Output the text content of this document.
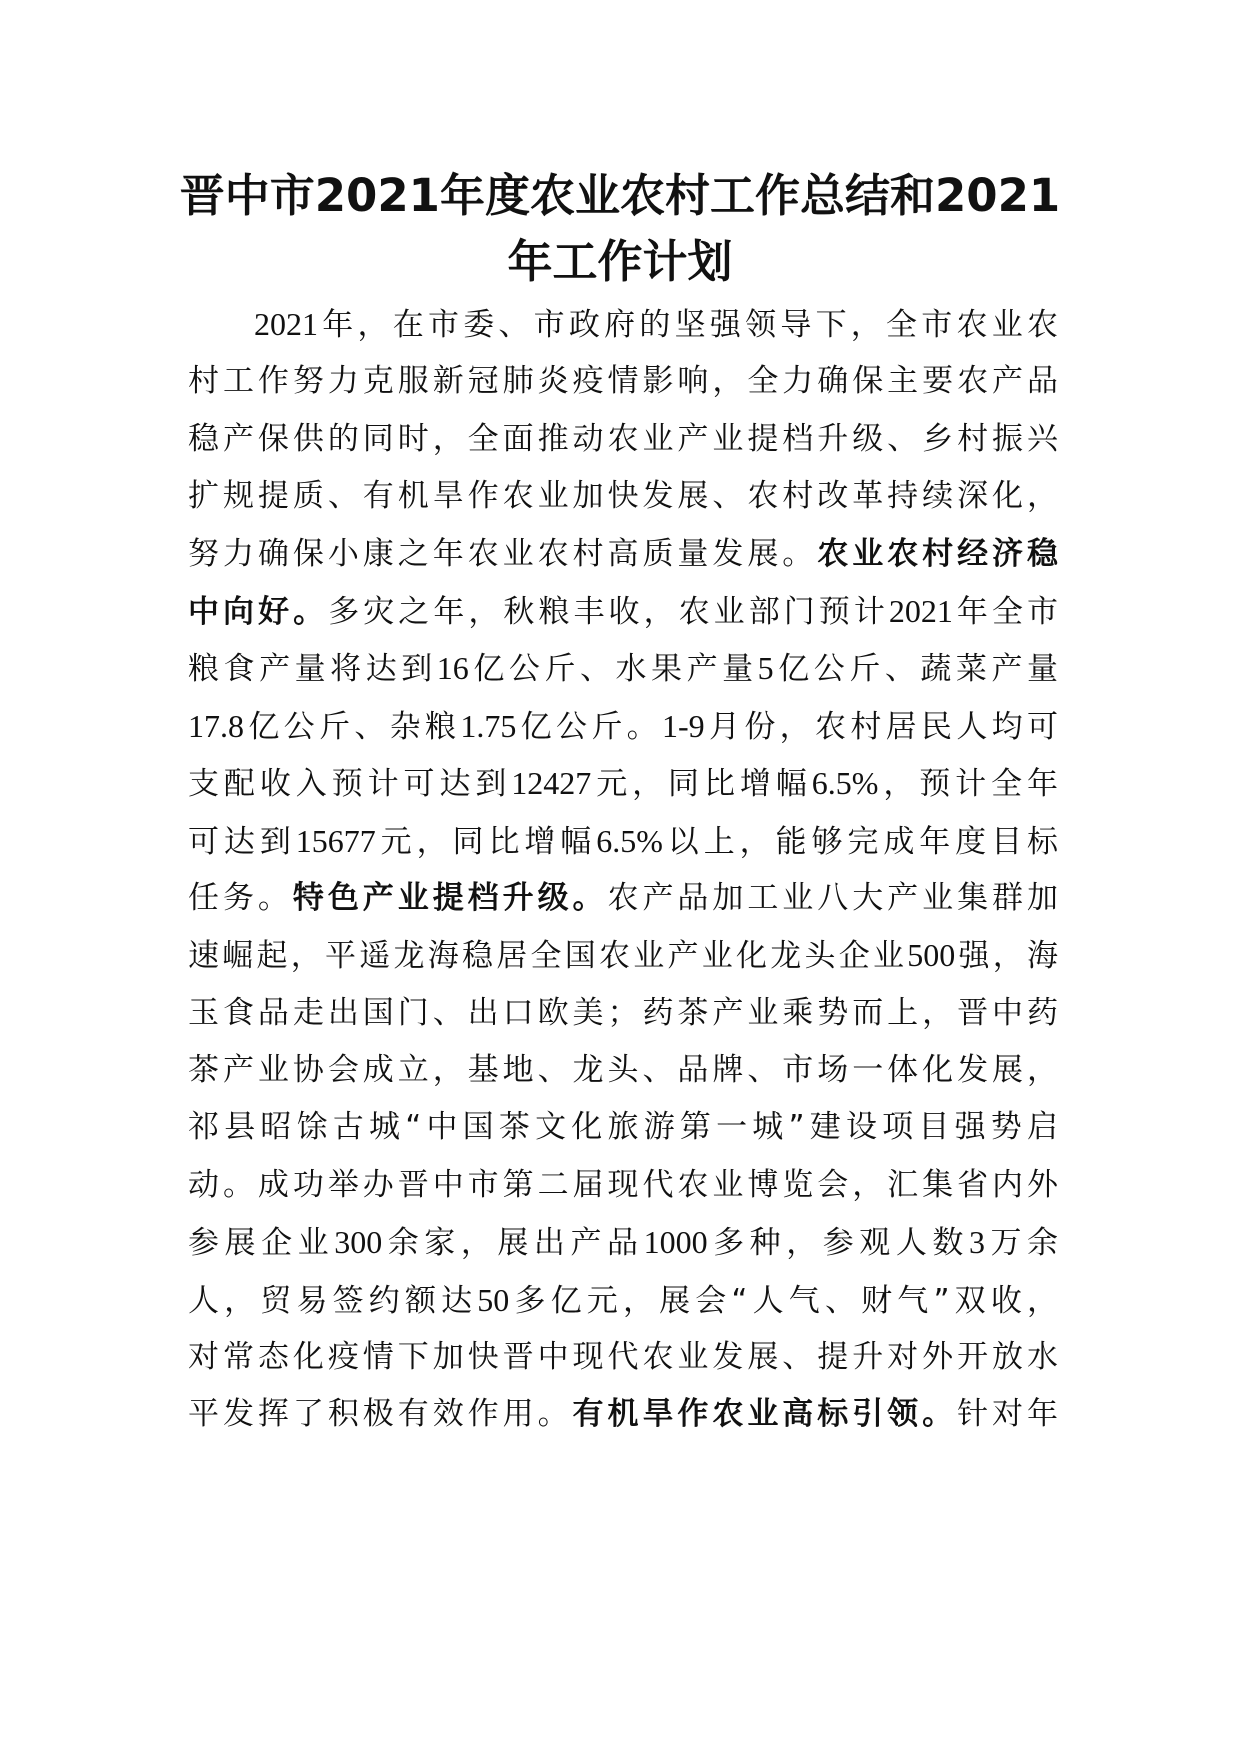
晋中市2021年度农业农村工作总结和2021
年工作计划
2021年，在市委、市政府的坚强领导下，全市农业农
村工作努力克服新冠肺炎疫情影响，全力确保主要农产品
稳产保供的同时，全面推动农业产业提档升级、乡村振兴
扩规提质、有机旱作农业加快发展、农村改革持续深化，
努力确保小康之年农业农村高质量发展。农业农村经济稳
中向好。多灾之年，秋粮丰收，农业部门预计2021年全市
粮食产量将达到16亿公斤、水果产量5亿公斤、蔬菜产量
17.8亿公斤、杂粮1.75亿公斤。1-9月份，农村居民人均可
支配收入预计可达到12427元，同比增幅6.5%，预计全年
可达到15677元，同比增幅6.5%以上，能够完成年度目标
任务。特色产业提档升级。农产品加工业八大产业集群加
速崛起，平遥龙海稳居全国农业产业化龙头企业500强，海
玉食品走出国门、出口欧美；药茶产业乘势而上，晋中药
茶产业协会成立，基地、龙头、品牌、市场一体化发展，
祁县昭馀古城“中国茶文化旅游第一城”建设项目强势启
动。成功举办晋中市第二届现代农业博览会，汇集省内外
参展企业300余家，展出产品1000多种，参观人数3万余
人，贸易签约额达50多亿元，展会“人气、财气”双收，
对常态化疫情下加快晋中现代农业发展、提升对外开放水
平发挥了积极有效作用。有机旱作农业高标引领。针对年
